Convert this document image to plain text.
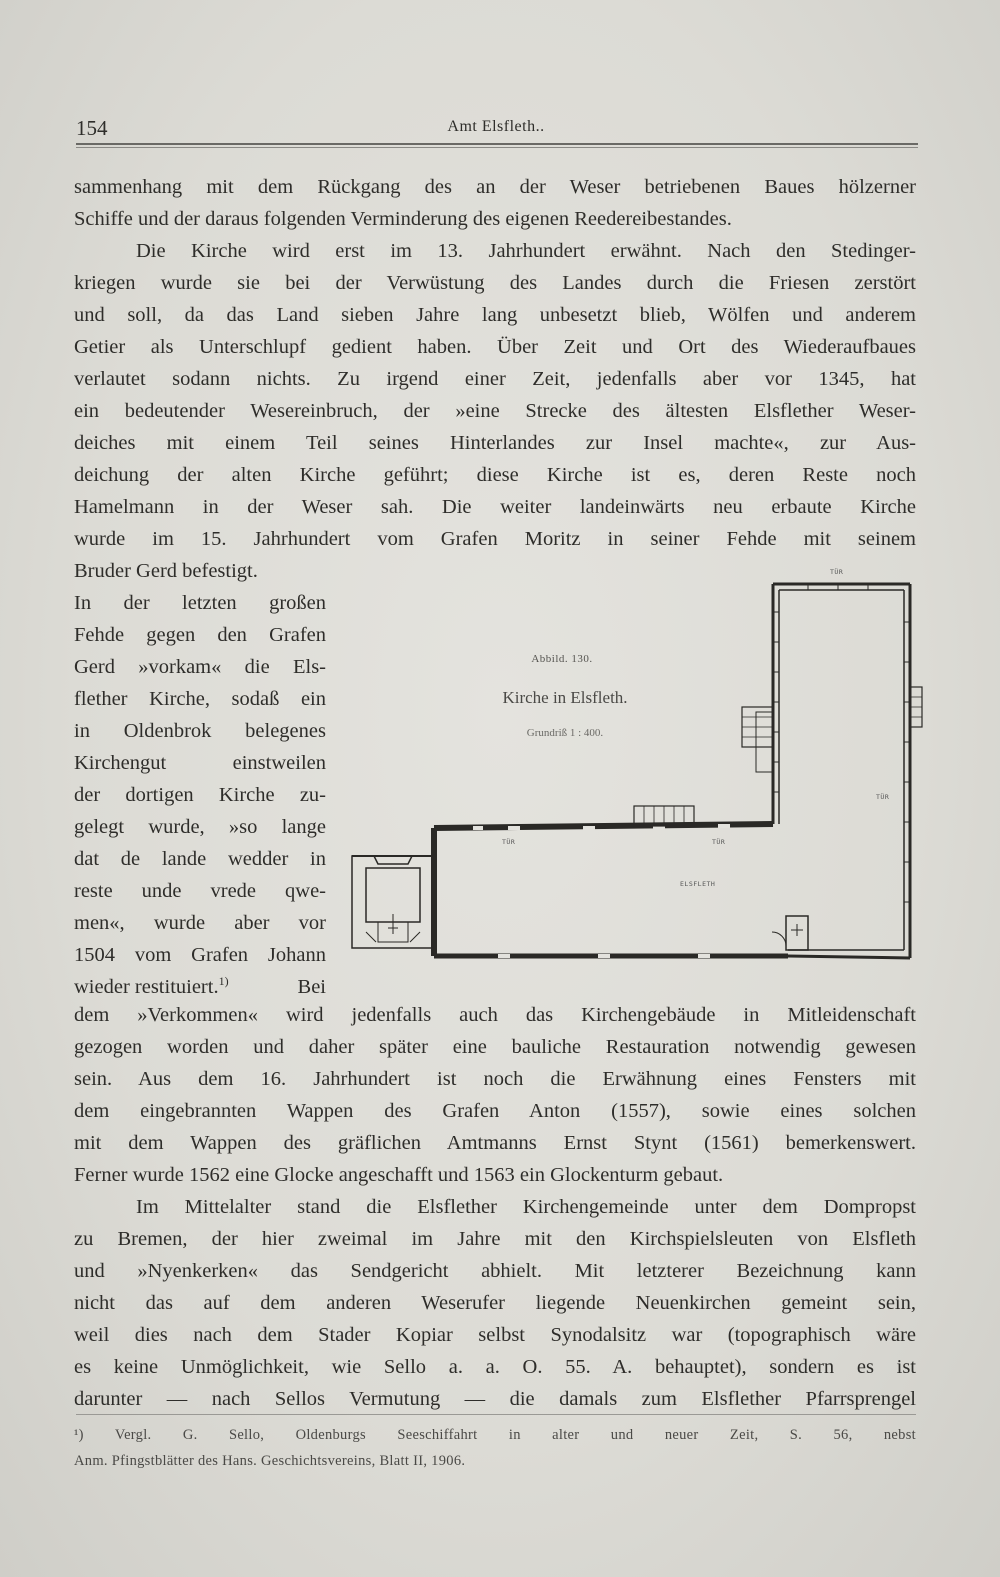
154	Amt Elsfleth..
sammenhang mit dem Rückgang des an der Weser betriebenen Baues hölzerner
Schiffe und der daraus folgenden Verminderung des eigenen Reedereibestandes.
Die Kirche wird erst im 13. Jahrhundert erwähnt. Nach den Stedinger-
kriegen wurde sie bei der Verwüstung des Landes durch die Friesen zerstört
und soll, da das Land sieben Jahre lang unbesetzt blieb, Wölfen und anderem
Getier als Unterschlupf gedient haben. Über Zeit und Ort des Wiederaufbaues
verlautet sodann nichts. Zu irgend einer Zeit, jedenfalls aber vor 1345, hat
ein bedeutender Wesereinbruch, der »eine Strecke des ältesten Elsflether Weser-
deiches mit einem Teil seines Hinterlandes zur Insel machte«, zur Aus-
deichung der alten Kirche geführt; diese Kirche ist es, deren Reste noch
Hamelmann in der Weser sah. Die weiter landeinwärts neu erbaute Kirche
wurde im 15. Jahrhundert vom Grafen Moritz in seiner Fehde mit seinem
Bruder Gerd befestigt.
In der letzten großen
Fehde gegen den Grafen
Gerd »vorkam« die Els-
flether Kirche, sodaß ein
in Oldenbrok belegenes
Kirchengut einstweilen
der dortigen Kirche zu-
gelegt wurde, »so lange
dat de lande wedder in
reste unde vrede qwe-
men«, wurde aber vor
1504 vom Grafen Johann
wieder restituiert.$^{1)}$	Bei
Abbild. 130.
Kirche in Elsfleth.
Grundriß 1 : 400.
TÜR
TÜR
TÜR	TÜR
ELSFLETH
dem »Verkommen« wird jedenfalls auch das Kirchengebäude in Mitleidenschaft
gezogen worden und daher später eine bauliche Restauration notwendig gewesen
sein. Aus dem 16. Jahrhundert ist noch die Erwähnung eines Fensters mit
dem eingebrannten Wappen des Grafen Anton (1557), sowie eines solchen
mit dem Wappen des gräflichen Amtmanns Ernst Stynt (1561) bemerkenswert.
Ferner wurde 1562 eine Glocke angeschafft und 1563 ein Glockenturm gebaut.
Im Mittelalter stand die Elsflether Kirchengemeinde unter dem Dompropst
zu Bremen, der hier zweimal im Jahre mit den Kirchspielsleuten von Elsfleth
und »Nyenkerken« das Sendgericht abhielt. Mit letzterer Bezeichnung kann
nicht das auf dem anderen Weserufer liegende Neuenkirchen gemeint sein,
weil dies nach dem Stader Kopiar selbst Synodalsitz war (topographisch wäre
es keine Unmöglichkeit, wie Sello a. a. O. 55. A. behauptet), sondern es ist
darunter — nach Sellos Vermutung — die damals zum Elsflether Pfarrsprengel
¹) Vergl. G. Sello, Oldenburgs Seeschiffahrt in alter und neuer Zeit, S. 56, nebst
Anm. Pfingstblätter des Hans. Geschichtsvereins, Blatt II, 1906.
